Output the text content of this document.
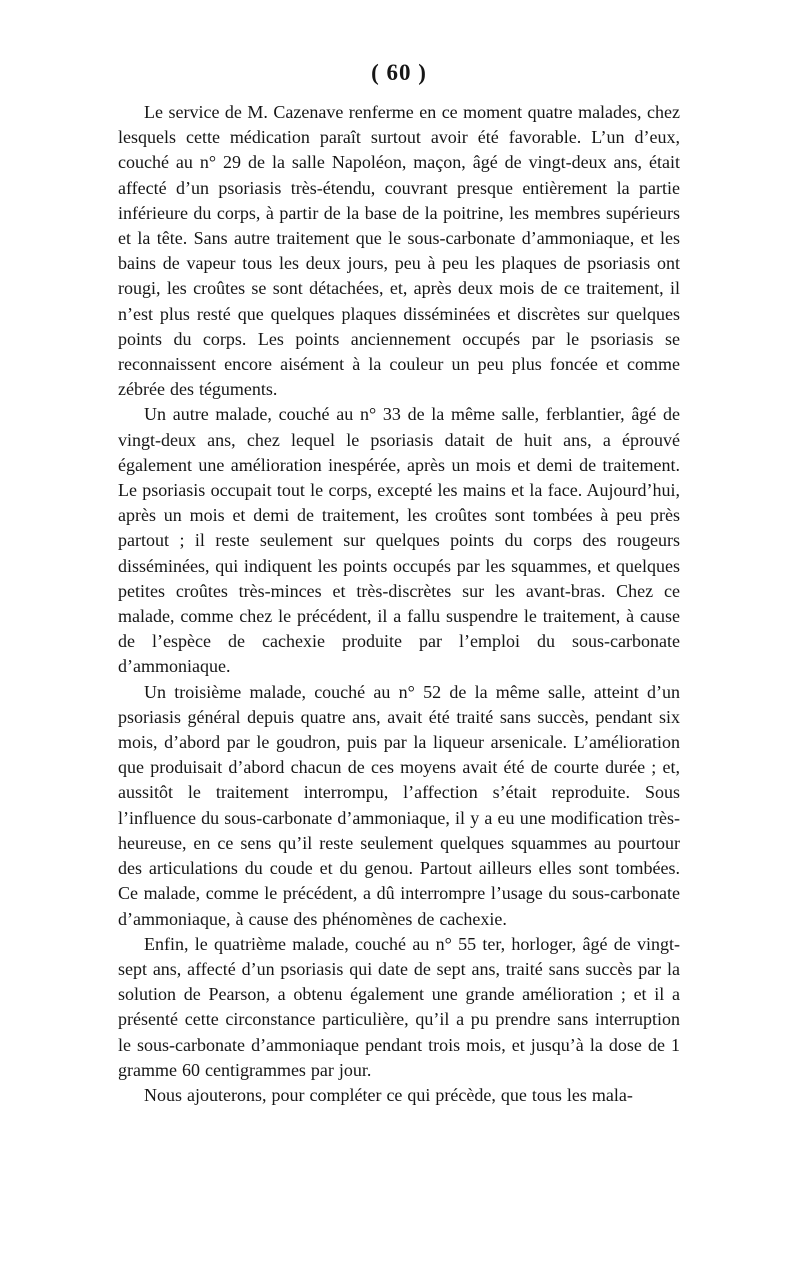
( 60 )

Le service de M. Cazenave renferme en ce moment quatre malades, chez lesquels cette médication paraît surtout avoir été favorable. L’un d’eux, couché au n° 29 de la salle Napoléon, maçon, âgé de vingt-deux ans, était affecté d’un psoriasis très-étendu, couvrant presque entièrement la partie inférieure du corps, à partir de la base de la poitrine, les membres supérieurs et la tête. Sans autre traitement que le sous-carbonate d’ammoniaque, et les bains de vapeur tous les deux jours, peu à peu les plaques de psoriasis ont rougi, les croûtes se sont détachées, et, après deux mois de ce traitement, il n’est plus resté que quelques plaques disséminées et discrètes sur quelques points du corps. Les points anciennement occupés par le psoriasis se reconnaissent encore aisément à la couleur un peu plus foncée et comme zébrée des téguments.

Un autre malade, couché au n° 33 de la même salle, ferblantier, âgé de vingt-deux ans, chez lequel le psoriasis datait de huit ans, a éprouvé également une amélioration inespérée, après un mois et demi de traitement. Le psoriasis occupait tout le corps, excepté les mains et la face. Aujourd’hui, après un mois et demi de traitement, les croûtes sont tombées à peu près partout ; il reste seulement sur quelques points du corps des rougeurs disséminées, qui indiquent les points occupés par les squammes, et quelques petites croûtes très-minces et très-discrètes sur les avant-bras. Chez ce malade, comme chez le précédent, il a fallu suspendre le traitement, à cause de l’espèce de cachexie produite par l’emploi du sous-carbonate d’ammoniaque.

Un troisième malade, couché au n° 52 de la même salle, atteint d’un psoriasis général depuis quatre ans, avait été traité sans succès, pendant six mois, d’abord par le goudron, puis par la liqueur arsenicale. L’amélioration que produisait d’abord chacun de ces moyens avait été de courte durée ; et, aussitôt le traitement interrompu, l’affection s’était reproduite. Sous l’influence du sous-carbonate d’ammoniaque, il y a eu une modification très-heureuse, en ce sens qu’il reste seulement quelques squammes au pourtour des articulations du coude et du genou. Partout ailleurs elles sont tombées. Ce malade, comme le précédent, a dû interrompre l’usage du sous-carbonate d’ammoniaque, à cause des phénomènes de cachexie.

Enfin, le quatrième malade, couché au n° 55 ter, horloger, âgé de vingt-sept ans, affecté d’un psoriasis qui date de sept ans, traité sans succès par la solution de Pearson, a obtenu également une grande amélioration ; et il a présenté cette circonstance particulière, qu’il a pu prendre sans interruption le sous-carbonate d’ammoniaque pendant trois mois, et jusqu’à la dose de 1 gramme 60 centigrammes par jour.

Nous ajouterons, pour compléter ce qui précède, que tous les mala-
